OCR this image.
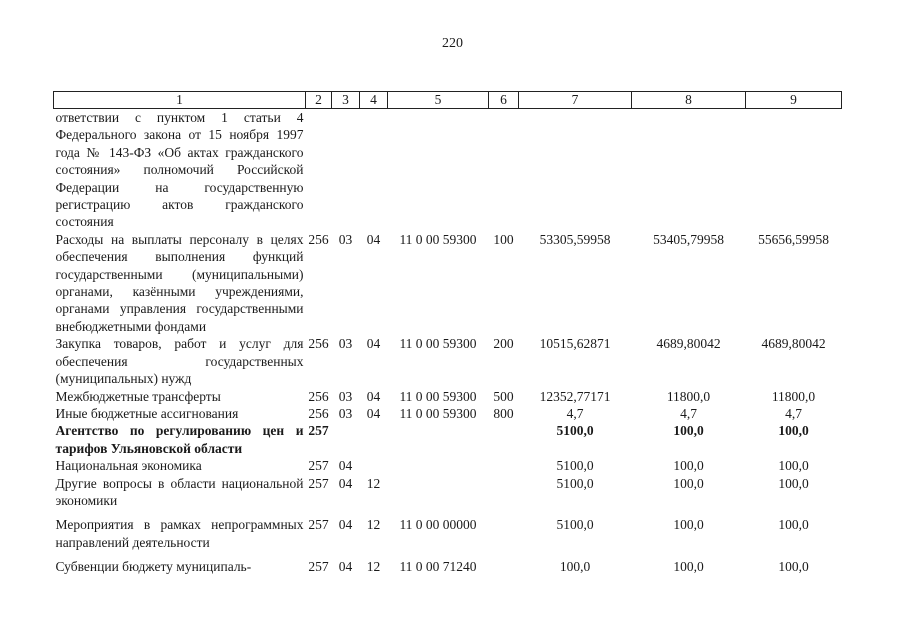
220
1	2	3	4	5	6	7	8	9
ответствии с пунктом 1 статьи 4 Федерального закона от 15 ноября 1997 года № 143-ФЗ «Об актах гражданского состояния» полномочий Российской Федерации на государственную регистрацию актов гражданского состояния								
Расходы на выплаты персоналу в целях обеспечения выполнения функций государственными (муниципальными) органами, казёнными учреждениями, органами управления государственными внебюджетными фондами	256	03	04	11 0 00 59300	100	53305,59958	53405,79958	55656,59958
Закупка товаров, работ и услуг для обеспечения государственных (муниципальных) нужд	256	03	04	11 0 00 59300	200	10515,62871	4689,80042	4689,80042
Межбюджетные трансферты	256	03	04	11 0 00 59300	500	12352,77171	11800,0	11800,0
Иные бюджетные ассигнования	256	03	04	11 0 00 59300	800	4,7	4,7	4,7
Агентство по регулированию цен и тарифов Ульяновской области	257					5100,0	100,0	100,0
Национальная экономика	257	04				5100,0	100,0	100,0
Другие вопросы в области национальной экономики	257	04	12			5100,0	100,0	100,0
Мероприятия в рамках непрограммных направлений деятельности	257	04	12	11 0 00 00000		5100,0	100,0	100,0
Субвенции бюджету муниципаль-	257	04	12	11 0 00 71240		100,0	100,0	100,0
